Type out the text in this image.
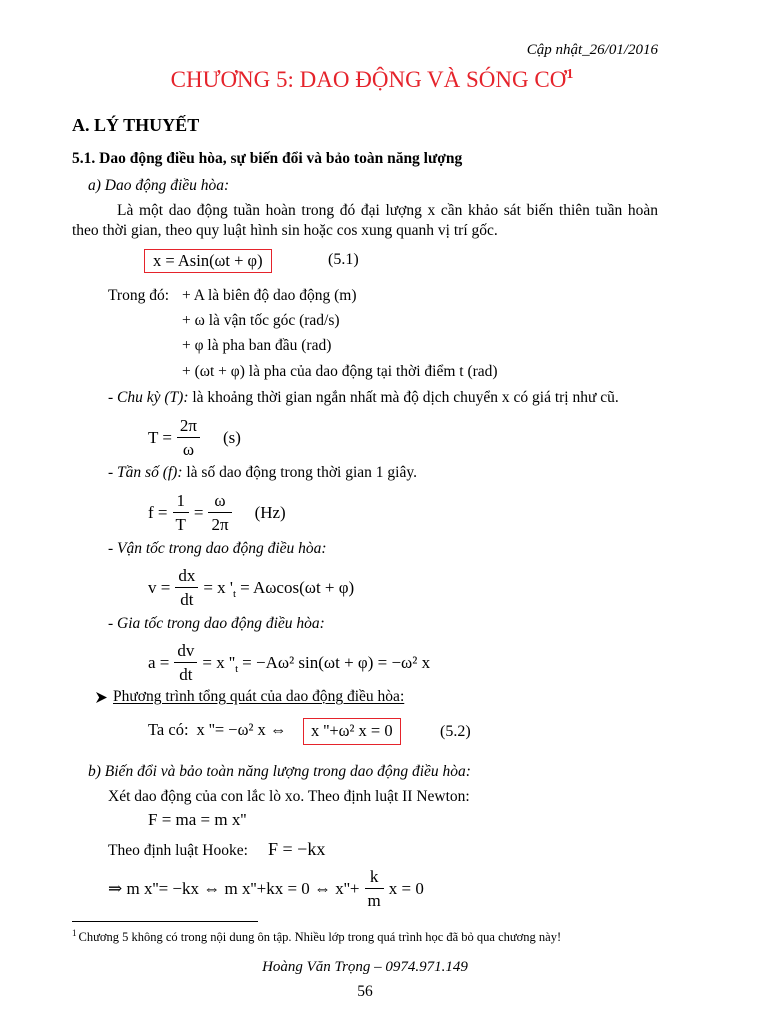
Cập nhật_26/01/2016
CHƯƠNG 5: DAO ĐỘNG VÀ SÓNG $CƠ^1$
A. LÝ THUYẾT
5.1. Dao động điều hòa, sự biến đổi và bảo toàn năng lượng
a) Dao động điều hòa:

Là một dao động tuần hoàn trong đó đại lượng x cần khảo sát biến thiên tuần hoàn theo thời gian, theo quy luật hình sin hoặc cos xung quanh vị trí gốc.

x = Asin(ωt + φ)	(5.1)
Trong đó: + A là biên độ dao động (m)
+ ω là vận tốc góc (rad/s)
+ φ là pha ban đầu (rad)
+ (ωt + φ) là pha của dao động tại thời điểm t (rad)
- Chu kỳ (T): là khoảng thời gian ngắn nhất mà độ dịch chuyển x có giá trị như cũ.
$T = \frac{2\pi}{\omega} (s)$
- Tần số (f): là số dao động trong thời gian 1 giây.
$f = \frac{1}{T} = \frac{\omega}{2\pi} (Hz)$
- Vận tốc trong dao động điều hòa:
$v = \frac{dx}{dt} = x$ '$_t = A\omega\cos(\omega t + \varphi)$
- Gia tốc trong dao động điều hòa:
$a = \frac{dv}{dt} = x$ ''$_t = -A\omega^2$ sin(ωt + φ) = −ω² x
Phương trình tổng quát của dao động điều hòa:
Ta có: x ''= −ω² x ⇔	x ''+ω² x = 0	(5.2)
b) Biến đổi và bảo toàn năng lượng trong dao động điều hòa:
Xét dao động của con lắc lò xo. Theo định luật II Newton:
F = ma = m x''
Theo định luật Hooke: F = −kx
⇒ m x''= −kx ⇔ m x''+kx = 0 ⇔ $x''+ \frac{k}{m}$ x = 0
$^1$ Chương 5 không có trong nội dung ôn tập. Nhiều lớp trong quá trình học đã bỏ qua chương này!
Hoàng Văn Trọng – 0974.971.149
56
